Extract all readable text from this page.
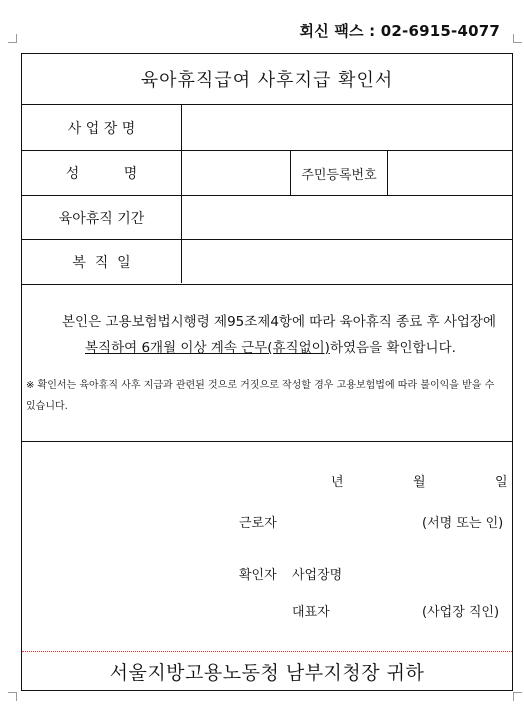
회신 팩스 : 02-6915-4077
육아휴직급여 사후지급 확인서
사 업 장 명
성          명	주민등록번호
육아휴직 기간
복  직  일
본인은 고용보험법시행령 제95조제4항에 따라 육아휴직 종료 후 사업장에
복직하여 6개월 이상 계속 근무(휴직없이)하였음을 확인합니다.
※ 확인서는 육아휴직 사후 지급과 관련된 것으로 거짓으로 작성할 경우 고용보험법에 따라 불이익을 받을 수 있습니다.
년	월	일
근로자	(서명 또는 인)
확인자 사업장명
대표자	(사업장 직인)
서울지방고용노동청 남부지청장 귀하
